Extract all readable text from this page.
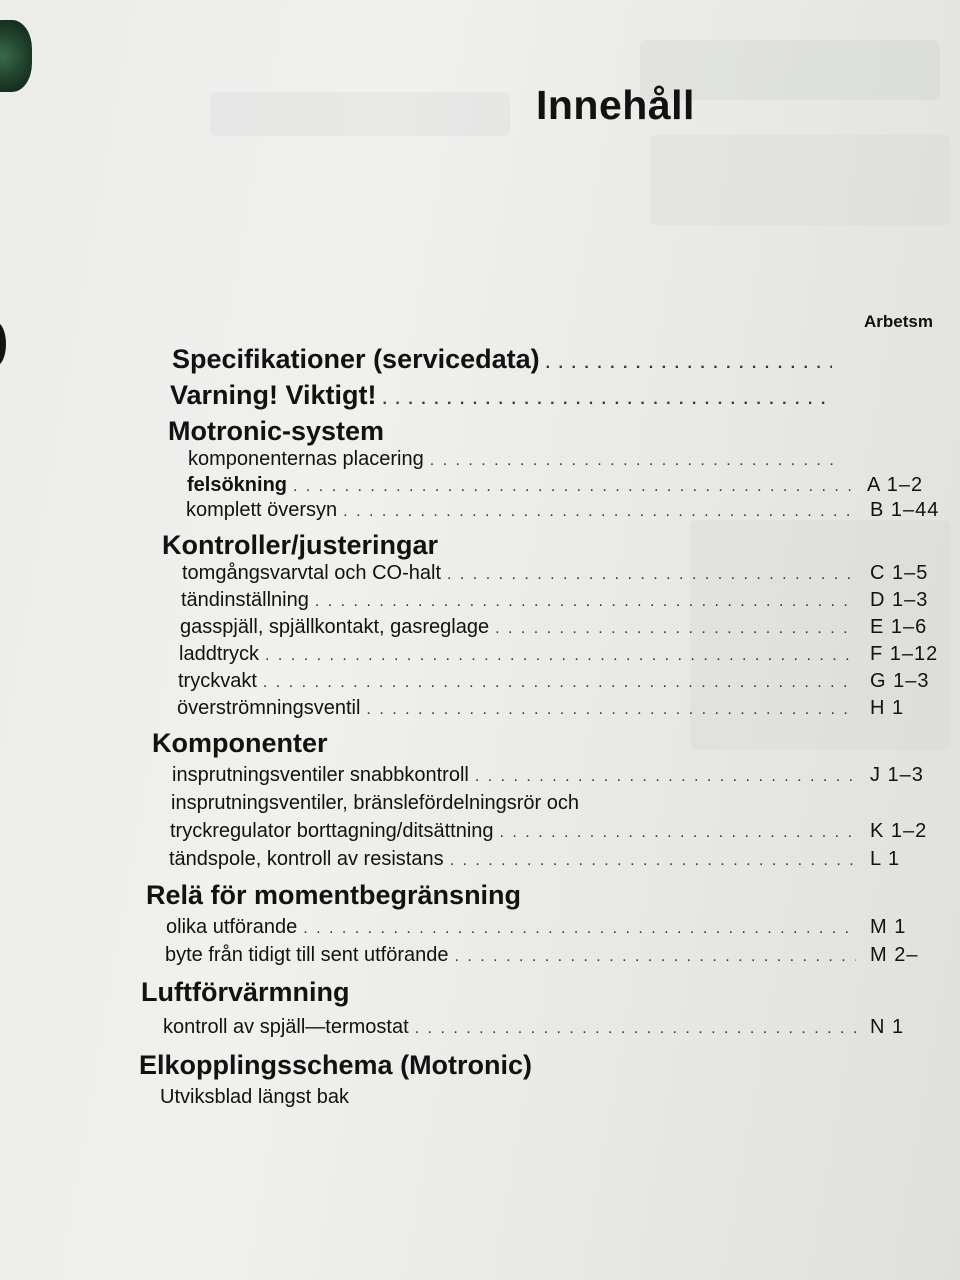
Innehåll
Arbetsm
Specifikationer (servicedata)
. . .
Varning! Viktigt!
. . .
Motronic-system
komponenternas placering
. . .
felsökning . . .	A 1–2
komplett översyn . . .	B 1–44
Kontroller/justeringar
tomgångsvarvtal och CO-halt . . .	C 1–5
tändinställning . . .	D 1–3
gasspjäll, spjällkontakt, gasreglage . . .	E 1–6
laddtryck . . .	F 1–12
tryckvakt . . .	G 1–3
överströmningsventil . . .	H 1
Komponenter
insprutningsventiler snabbkontroll . . .	J 1–3
insprutningsventiler, bränslefördelningsrör och
tryckregulator borttagning/ditsättning . . .	K 1–2
tändspole, kontroll av resistans . . .	L 1
Relä för momentbegränsning
olika utförande . . .	M 1
byte från tidigt till sent utförande . . .	M 2–
Luftförvärmning
kontroll av spjäll—termostat . . .	N 1
Elkopplingsschema (Motronic)
Utviksblad längst bak
